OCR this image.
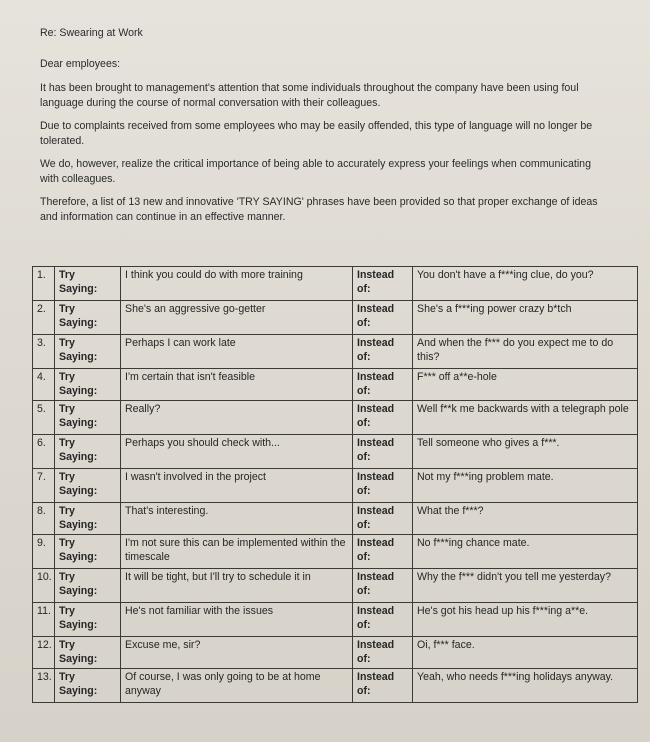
Re: Swearing at Work

Dear employees:

It has been brought to management's attention that some individuals throughout the company have been using foul language during the course of normal conversation with their colleagues.

Due to complaints received from some employees who may be easily offended, this type of language will no longer be tolerated.

We do, however, realize the critical importance of being able to accurately express your feelings when communicating with colleagues.

Therefore, a list of 13 new and innovative 'TRY SAYING' phrases have been provided so that proper exchange of ideas and information can continue in an effective manner.

1.	Try Saying:	I think you could do with more training	Instead of:	You don't have a f***ing clue, do you?
2.	Try Saying:	She's an aggressive go-getter	Instead of:	She's a f***ing power crazy b*tch
3.	Try Saying:	Perhaps I can work late	Instead of:	And when the f*** do you expect me to do this?
4.	Try Saying:	I'm certain that isn't feasible	Instead of:	F*** off a**e-hole
5.	Try Saying:	Really?	Instead of:	Well f**k me backwards with a telegraph pole
6.	Try Saying:	Perhaps you should check with...	Instead of:	Tell someone who gives a f***.
7.	Try Saying:	I wasn't involved in the project	Instead of:	Not my f***ing problem mate.
8.	Try Saying:	That's interesting.	Instead of:	What the f***?
9.	Try Saying:	I'm not sure this can be implemented within the timescale	Instead of:	No f***ing chance mate.
10.	Try Saying:	It will be tight, but I'll try to schedule it in	Instead of:	Why the f*** didn't you tell me yesterday?
11.	Try Saying:	He's not familiar with the issues	Instead of:	He's got his head up his f***ing a**e.
12.	Try Saying:	Excuse me, sir?	Instead of:	Oi, f*** face.
13.	Try Saying:	Of course, I was only going to be at home anyway	Instead of:	Yeah, who needs f***ing holidays anyway.
